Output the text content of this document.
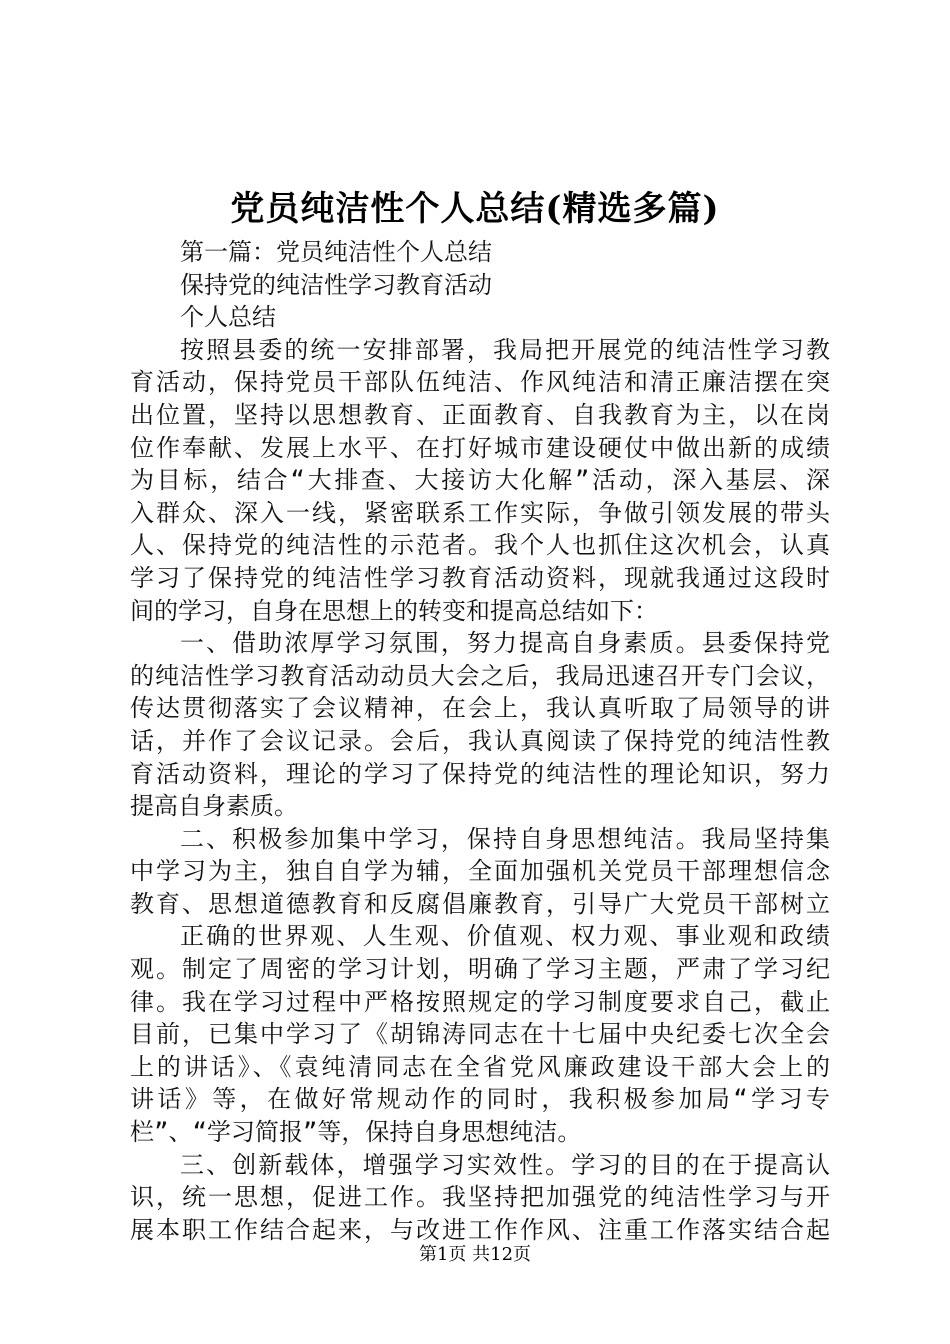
党员纯洁性个人总结(精选多篇)
第一篇：党员纯洁性个人总结
保持党的纯洁性学习教育活动
个人总结
按照县委的统一安排部署，我局把开展党的纯洁性学习教
育活动，保持党员干部队伍纯洁、作风纯洁和清正廉洁摆在突
出位置，坚持以思想教育、正面教育、自我教育为主，以在岗
位作奉献、发展上水平、在打好城市建设硬仗中做出新的成绩
为目标，结合“大排查、大接访大化解”活动，深入基层、深
入群众、深入一线，紧密联系工作实际，争做引领发展的带头
人、保持党的纯洁性的示范者。我个人也抓住这次机会，认真
学习了保持党的纯洁性学习教育活动资料，现就我通过这段时
间的学习，自身在思想上的转变和提高总结如下：
一、借助浓厚学习氛围，努力提高自身素质。县委保持党
的纯洁性学习教育活动动员大会之后，我局迅速召开专门会议，
传达贯彻落实了会议精神，在会上，我认真听取了局领导的讲
话，并作了会议记录。会后，我认真阅读了保持党的纯洁性教
育活动资料，理论的学习了保持党的纯洁性的理论知识，努力
提高自身素质。
二、积极参加集中学习，保持自身思想纯洁。我局坚持集
中学习为主，独自自学为辅，全面加强机关党员干部理想信念
教育、思想道德教育和反腐倡廉教育，引导广大党员干部树立
正确的世界观、人生观、价值观、权力观、事业观和政绩
观。制定了周密的学习计划，明确了学习主题，严肃了学习纪
律。我在学习过程中严格按照规定的学习制度要求自己，截止
目前，已集中学习了《胡锦涛同志在十七届中央纪委七次全会
上的讲话》、《袁纯清同志在全省党风廉政建设干部大会上的
讲话》等，在做好常规动作的同时，我积极参加局“学习专
栏”、“学习简报”等，保持自身思想纯洁。
三、创新载体，增强学习实效性。学习的目的在于提高认
识，统一思想，促进工作。我坚持把加强党的纯洁性学习与开
展本职工作结合起来，与改进工作作风、注重工作落实结合起
第1页 共12页
